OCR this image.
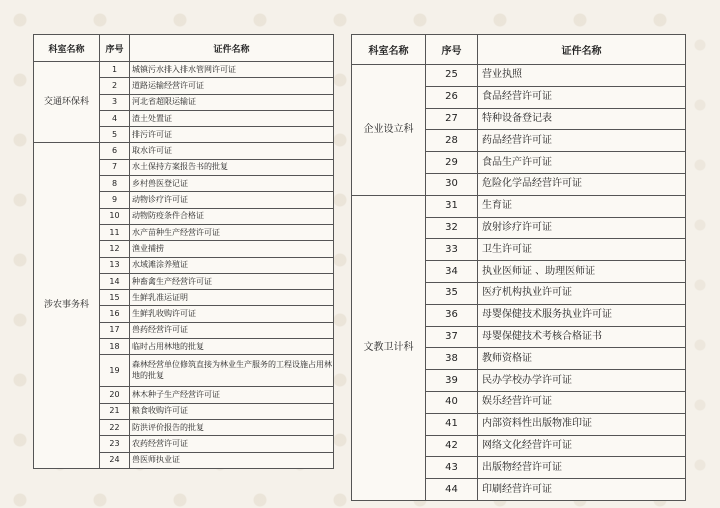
科室名称	序号	证件名称
交通环保科	1	城镇污水排入排水管网许可证
	2	道路运输经营许可证
	3	河北省超限运输证
	4	渣土处置证
	5	排污许可证
涉农事务科	6	取水许可证
	7	水土保持方案报告书的批复
	8	乡村兽医登记证
	9	动物诊疗许可证
	10	动物防疫条件合格证
	11	水产苗种生产经营许可证
	12	渔业捕捞
	13	水域滩涂养殖证
	14	种畜禽生产经营许可证
	15	生鲜乳准运证明
	16	生鲜乳收购许可证
	17	兽药经营许可证
	18	临时占用林地的批复
	19	森林经营单位修筑直接为林业生产服务的工程设施占用林地的批复
	20	林木种子生产经营许可证
	21	粮食收购许可证
	22	防洪评价报告的批复
	23	农药经营许可证
	24	兽医师执业证
科室名称	序号	证件名称
企业设立科	25	营业执照
	26	食品经营许可证
	27	特种设备登记表
	28	药品经营许可证
	29	食品生产许可证
	30	危险化学品经营许可证
文教卫计科	31	生育证
	32	放射诊疗许可证
	33	卫生许可证
	34	执业医师证 、助理医师证
	35	医疗机构执业许可证
	36	母婴保健技术服务执业许可证
	37	母婴保健技术考核合格证书
	38	教师资格证
	39	民办学校办学许可证
	40	娱乐经营许可证
	41	内部资料性出版物准印证
	42	网络文化经营许可证
	43	出版物经营许可证
	44	印刷经营许可证
